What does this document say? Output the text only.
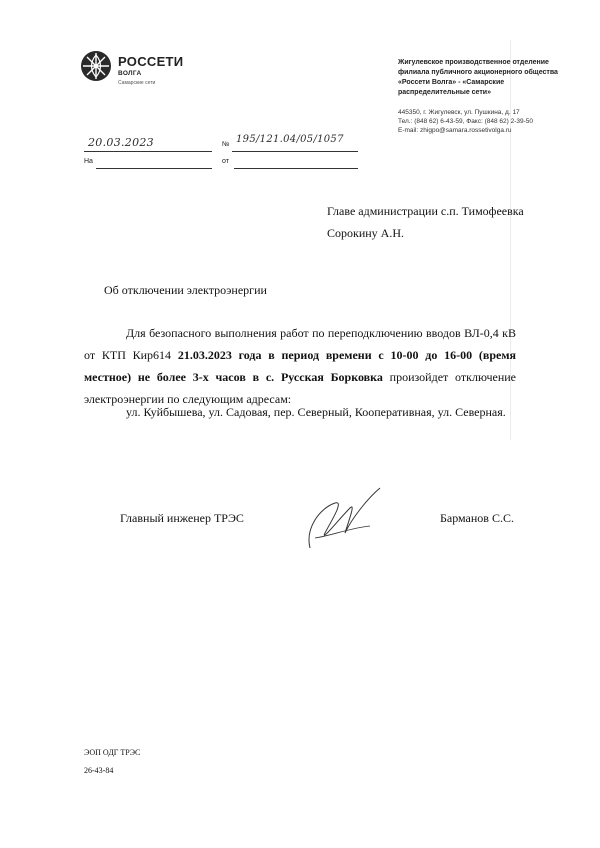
РОССЕТИ
ВОЛГА
Самарские сети
Жигулевское производственное отделение
филиала публичного акционерного общества
«Россети Волга» - «Самарские
распределительные сети»
445350, г. Жигулевск, ул. Пушкина, д. 17
Тел.: (848 62) 6-43-59, Факс: (848 62) 2-39-50
E-mail: zhigpo@samara.rossetivolga.ru
20.03.2023	№ 195/121.04/05/1057
На	от
Главе администрации с.п. Тимофеевка
Сорокину А.Н.
Об отключении электроэнергии
Для безопасного выполнения работ по переподключению вводов ВЛ-0,4 кВ от КТП Кир614 21.03.2023 года в период времени с 10-00 до 16-00 (время местное) не более 3-х часов в с. Русская Борковка произойдет отключение электроэнергии по следующим адресам:
ул. Куйбышева, ул. Садовая, пер. Северный, Кооперативная, ул. Северная.
Главный инженер ТРЭС	Барманов С.С.
ЭОП ОДГ ТРЭС
26-43-84
